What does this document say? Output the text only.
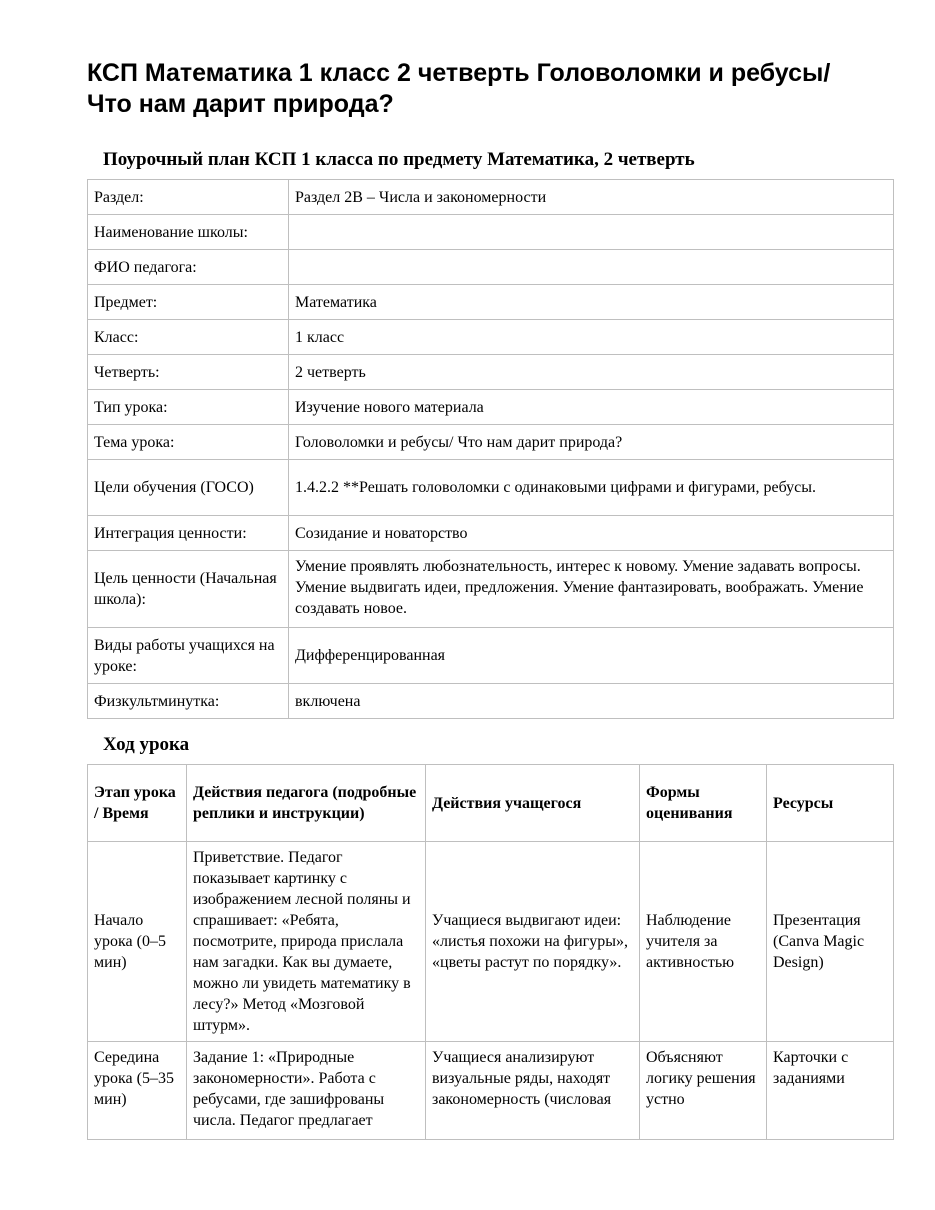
КСП Математика 1 класс 2 четверть Головоломки и ребусы/ Что нам дарит природа?
Поурочный план КСП 1 класса по предмету Математика, 2 четверть
Раздел:	Раздел 2В – Числа и закономерности
Наименование школы:	
ФИО педагога:	
Предмет:	Математика
Класс:	1 класс
Четверть:	2 четверть
Тип урока:	Изучение нового материала
Тема урока:	Головоломки и ребусы/ Что нам дарит природа?
Цели обучения (ГОСО)	1.4.2.2 **Решать головоломки с одинаковыми цифрами и фигурами, ребусы.
Интеграция ценности:	Созидание и новаторство
Цель ценности (Начальная школа):	Умение проявлять любознательность, интерес к новому. Умение задавать вопросы. Умение выдвигать идеи, предложения. Умение фантазировать, воображать. Умение создавать новое.
Виды работы учащихся на уроке:	Дифференцированная
Физкультминутка:	включена
Ход урока
Этап урока / Время	Действия педагога (подробные реплики и инструкции)	Действия учащегося	Формы оценивания	Ресурсы
Начало урока (0–5 мин)	Приветствие. Педагог показывает картинку с изображением лесной поляны и спрашивает: «Ребята, посмотрите, природа прислала нам загадки. Как вы думаете, можно ли увидеть математику в лесу?» Метод «Мозговой штурм».	Учащиеся выдвигают идеи: «листья похожи на фигуры», «цветы растут по порядку».	Наблюдение учителя за активностью	Презентация (Canva Magic Design)
Середина урока (5–35 мин)	Задание 1: «Природные закономерности». Работа с ребусами, где зашифрованы числа. Педагог предлагает	Учащиеся анализируют визуальные ряды, находят закономерность (числовая	Объясняют логику решения устно	Карточки с заданиями
